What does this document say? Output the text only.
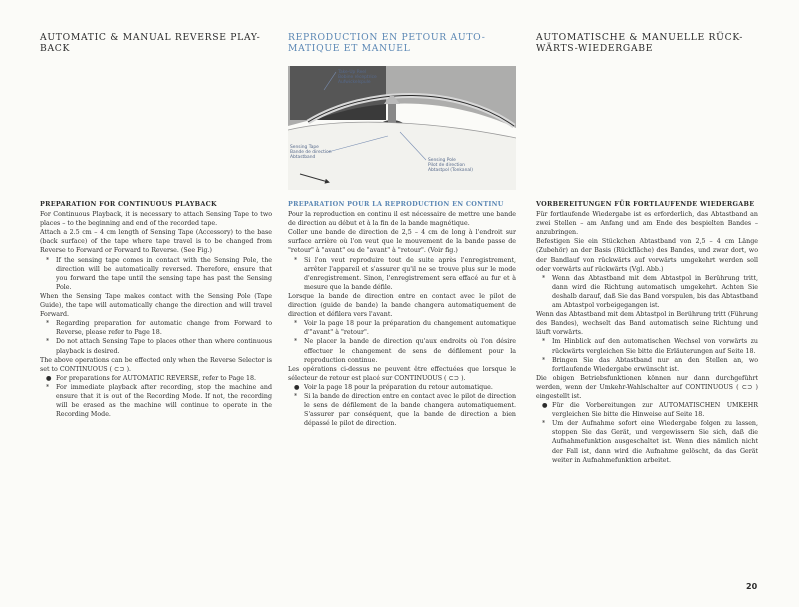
AUTOMATIC & MANUAL REVERSE PLAY-BACK
PREPARATION FOR CONTINUOUS PLAYBACK

For Continuous Playback, it is necessary to attach Sensing Tape to two places – to the beginning and end of the recorded tape.

Attach a 2.5 cm – 4 cm length of Sensing Tape (Accessory) to the base (back surface) of the tape where tape travel is to be changed from Reverse to Forward or Forward to Reverse. (See Fig.)

* If the sensing tape comes in contact with the Sensing Pole, the direction will be automatically reversed. Therefore, ensure that you forward the tape until the sensing tape has past the Sensing Pole.

When the Sensing Tape makes contact with the Sensing Pole (Tape Guide), the tape will automatically change the direction and will travel Forward.

* Regarding preparation for automatic change from Forward to Reverse, please refer to Page 18.
* Do not attach Sensing Tape to places other than where continuous playback is desired.

The above operations can be effected only when the Reverse Selector is set to CONTINUOUS ( ⊂⊃ ).

● For preparations for AUTOMATIC REVERSE, refer to Page 18.
* For immediate playback after recording, stop the machine and ensure that it is out of the Recording Mode. If not, the recording will be erased as the machine will continue to operate in the Recording Mode.
REPRODUCTION EN PETOUR AUTO-MATIQUE ET MANUEL
PREPARATION POUR LA REPRODUCTION EN CONTINU

Pour la reproduction en continu il est nécessaire de mettre une bande de direction au début et à la fin de la bande magnétique.

Coller une bande de direction de 2,5 – 4 cm de long à l'endroit sur surface arrière où l'on veut que le mouvement de la bande passe de "retour" à "avant" ou de "avant" à "retour". (Voir fig.)

* Si l'on veut reproduire tout de suite après l'enregistrement, arrêter l'appareil et s'assurer qu'il ne se trouve plus sur le mode d'enregistrement. Sinon, l'enregistrement sera effacé au fur et à mesure que la bande défile.

Lorsque la bande de direction entre en contact avec le pilot de direction (guide de bande) la bande changera automatiquement de direction et défilera vers l'avant.

* Voir la page 18 pour la préparation du changement automatique d'"avant" à "retour".
* Ne placer la bande de direction qu'aux endroits où l'on désire effectuer le changement de sens de défilement pour la reproduction continue.

Les opérations ci-dessus ne peuvent être effectuées que lorsque le sélecteur de retour est placé sur CONTINUOUS ( ⊂⊃ ).

● Voir la page 18 pour la préparation du retour automatique.
* Si la bande de direction entre en contact avec le pilot de direction le sens de défilement de la bande changera automatiquement. S'assurer par conséquent, que la bande de direction a bien dépassé le pilot de direction.
Take-Up Reel
Bobine réceptrice
Aufwickelspule
Sensing Tape
Bande de direction
Abtastband
Sensing Pole
Pilot de direction
Abtastpol (Tonkanal)
AUTOMATISCHE & MANUELLE RÜCK-WÄRTS-WIEDERGABE
VORBEREITUNGEN FÜR FORTLAUFENDE WIEDERGABE

Für fortlaufende Wiedergabe ist es erforderlich, das Abtastband an zwei Stellen – am Anfang und am Ende des bespielten Bandes – anzubringen.

Befestigen Sie ein Stückchen Abtastband von 2,5 – 4 cm Länge (Zubehör) an der Basis (Rückfläche) des Bandes, und zwar dort, wo der Bandlauf von rückwärts auf vorwärts umgekehrt werden soll oder vorwärts auf rückwärts (Vgl. Abb.)

* Wenn das Abtastband mit dem Abtastpol in Berührung tritt, dann wird die Richtung automatisch umgekehrt. Achten Sie deshalb darauf, daß Sie das Band vorspulen, bis das Abtastband am Abtastpol vorbeigegangen ist.

Wenn das Abtastband mit dem Abtastpol in Berührung tritt (Führung des Bandes), wechselt das Band automatisch seine Richtung und läuft vorwärts.

* Im Hinblick auf den automatischen Wechsel von vorwärts zu rückwärts vergleichen Sie bitte die Erläuterungen auf Seite 18.
* Bringen Sie das Abtastband nur an den Stellen an, wo fortlaufende Wiedergabe erwünscht ist.

Die obigen Betriebsfunktionen können nur dann durchgeführt werden, wenn der Umkehr-Wahlschalter auf CONTINUOUS ( ⊂⊃ ) eingestellt ist.

● Für die Vorbereitungen zur AUTOMATISCHEN UMKEHR vergleichen Sie bitte die Hinweise auf Seite 18.
* Um der Aufnahme sofort eine Wiedergabe folgen zu lassen, stoppen Sie das Gerät, und vergewissern Sie sich, daß die Aufnahmefunktion ausgeschaltet ist. Wenn dies nämlich nicht der Fall ist, dann wird die Aufnahme gelöscht, da das Gerät weiter in Aufnahmefunktion arbeitet.
20
